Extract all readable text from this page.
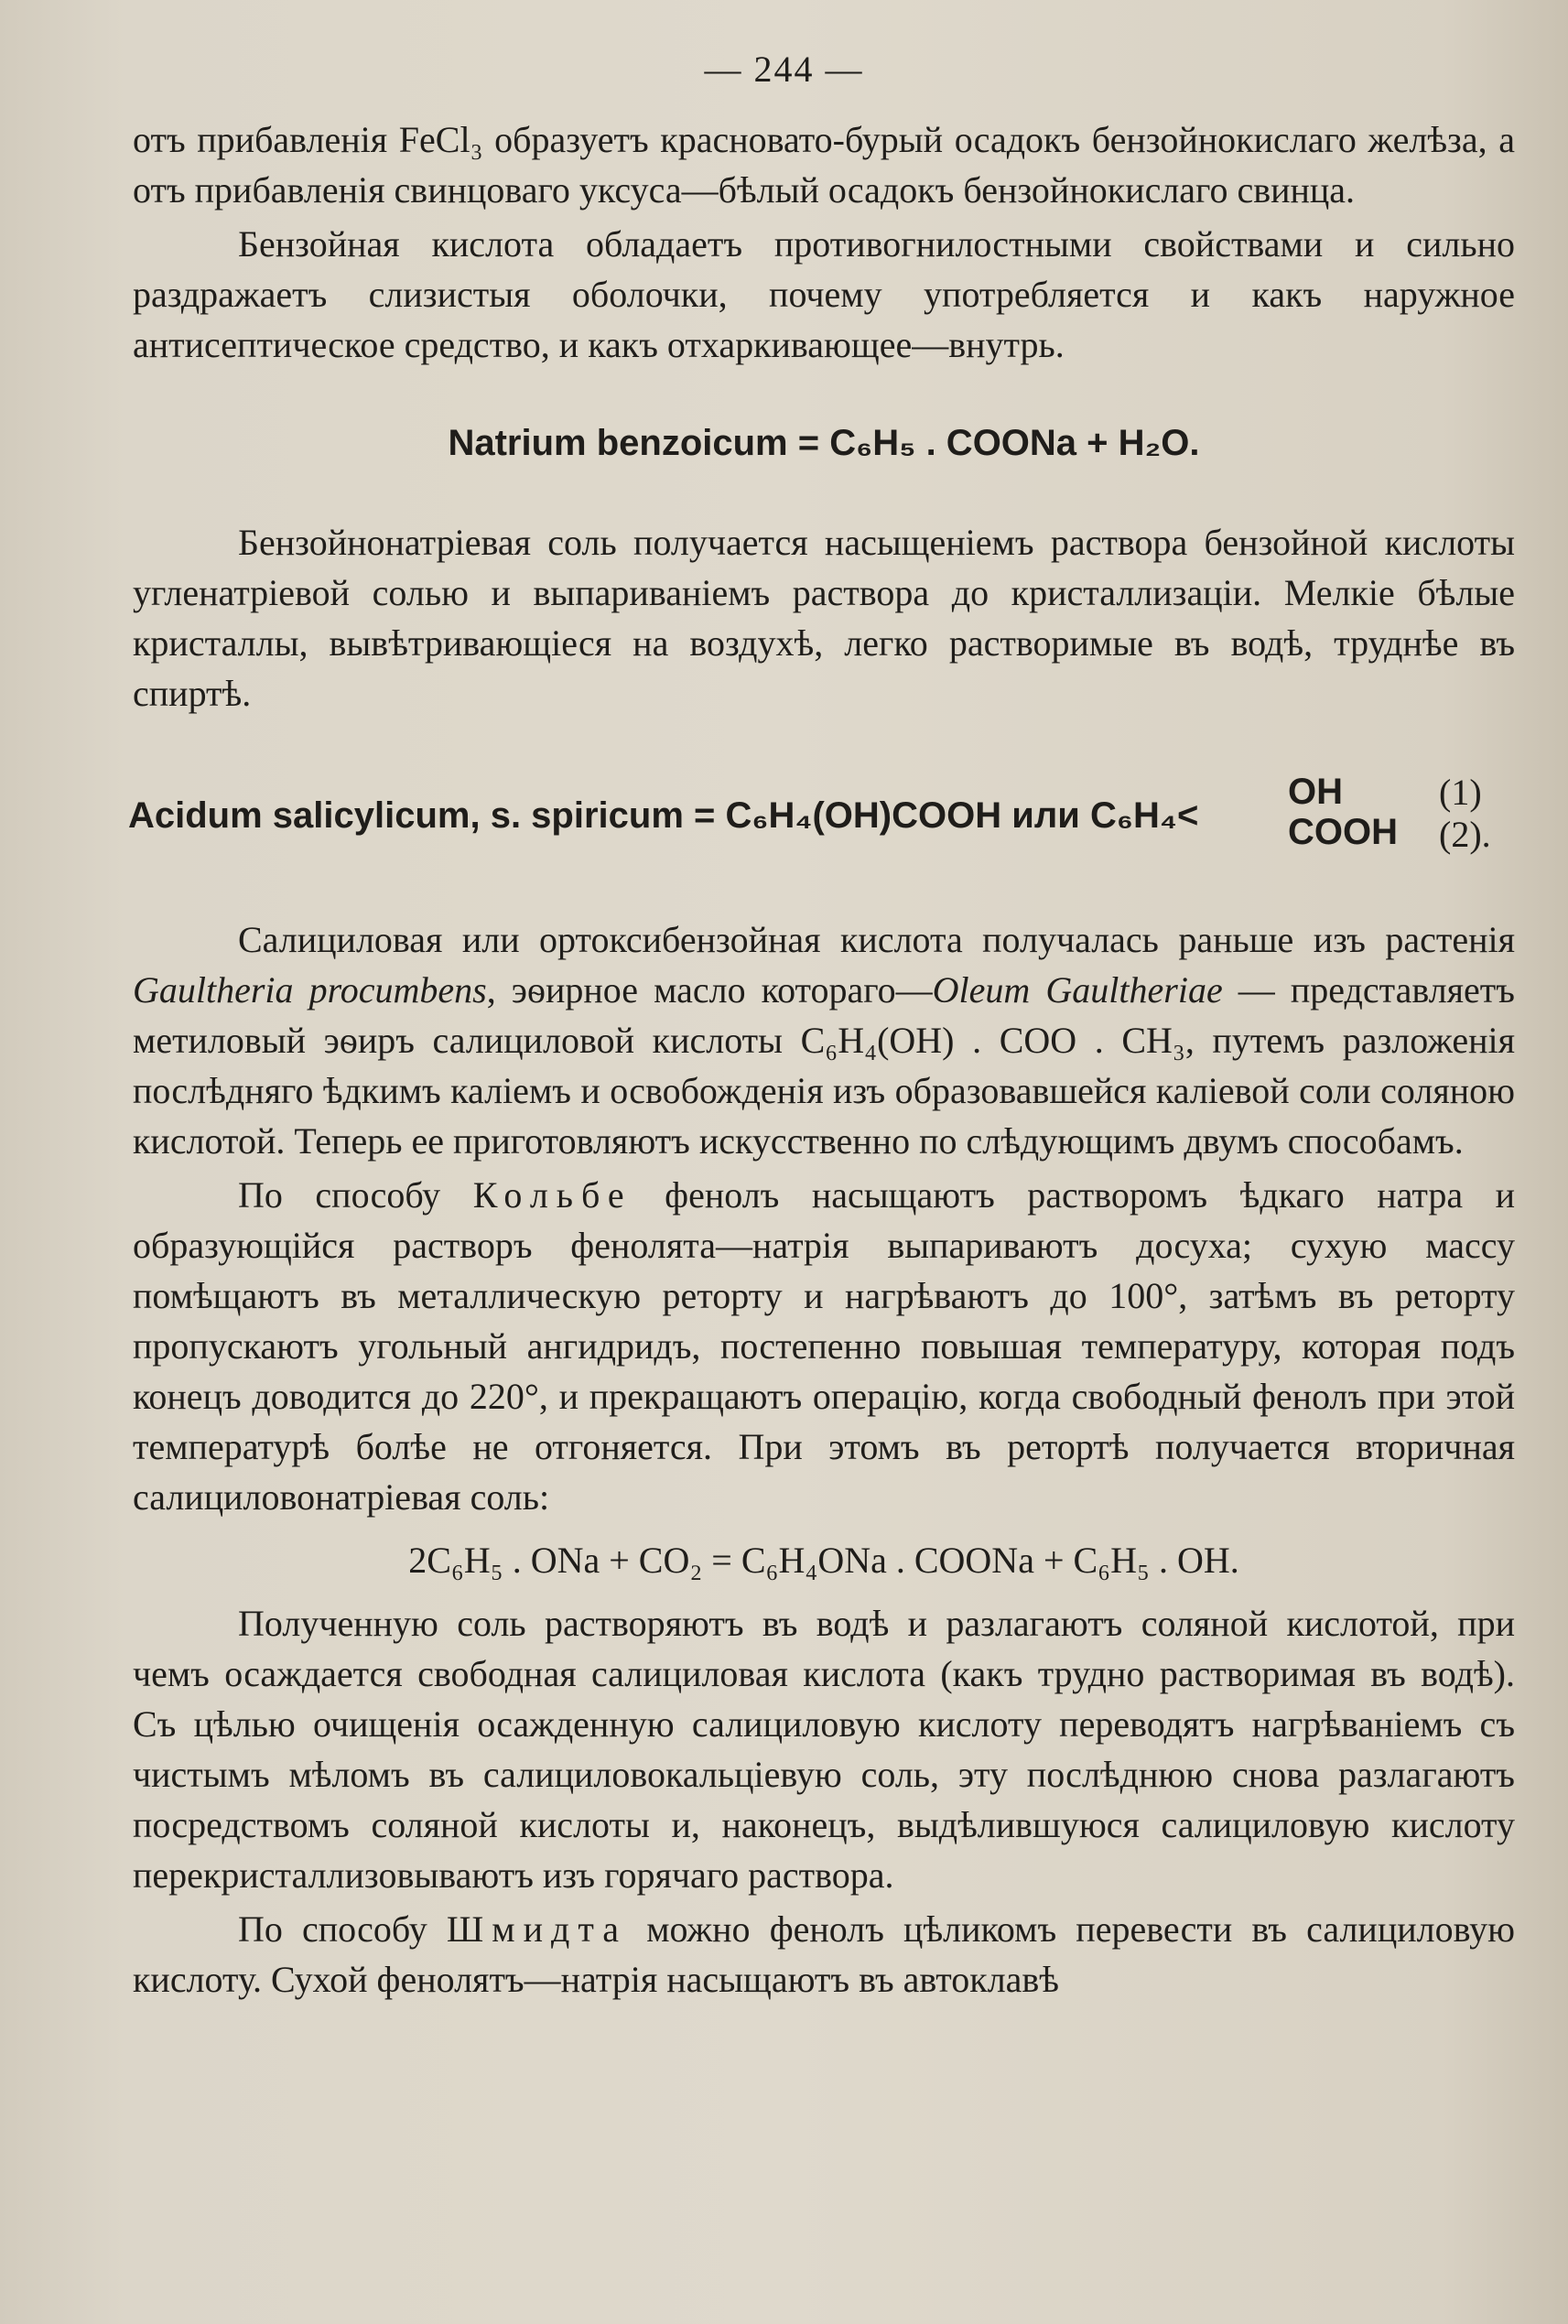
— 244 —

отъ прибавленія FeCl₃ образуетъ красновато-бурый осадокъ бензойнокислаго желѣза, а отъ прибавленія свинцоваго уксуса—бѣлый осадокъ бензойнокислаго свинца.

Бензойная кислота обладаетъ противогнилостными свойствами и сильно раздражаетъ слизистыя оболочки, почему употребляется и какъ наружное антисептическое средство, и какъ отхаркивающее—внутрь.

Natrium benzoicum = C₆H₅ . COONa + H₂O.

Бензойнонатріевая соль получается насыщеніемъ раствора бензойной кислоты угленатріевой солью и выпариваніемъ раствора до кристаллизаціи. Мелкіе бѣлые кристаллы, вывѣтривающіеся на воздухѣ, легко растворимые въ водѣ, труднѣе въ спиртѣ.

Acidum salicylicum, s. spiricum = C₆H₄(OH)COOH или C₆H₄<
OH
COOH
(1)
(2).

Салициловая или ортоксибензойная кислота получалась раньше изъ растенія Gaultheria procumbens, эѳирное масло котораго—Oleum Gaultheriae — представляетъ метиловый эѳиръ салициловой кислоты C₆H₄(OH) . COO . CH₃, путемъ разложенія послѣдняго ѣдкимъ каліемъ и освобожденія изъ образовавшейся каліевой соли соляною кислотой. Теперь ее приготовляютъ искусственно по слѣдующимъ двумъ способамъ.

По способу Кольбе фенолъ насыщаютъ растворомъ ѣдкаго натра и образующійся растворъ фенолята—натрія выпариваютъ досуха; сухую массу помѣщаютъ въ металлическую реторту и нагрѣваютъ до 100°, затѣмъ въ реторту пропускаютъ угольный ангидридъ, постепенно повышая температуру, которая подъ конецъ доводится до 220°, и прекращаютъ операцію, когда свободный фенолъ при этой температурѣ болѣе не отгоняется. При этомъ въ ретортѣ получается вторичная салициловонатріевая соль:

2C₆H₅ . ONa + CO₂ = C₆H₄ONa . COONa + C₆H₅ . OH.

Полученную соль растворяютъ въ водѣ и разлагаютъ соляной кислотой, при чемъ осаждается свободная салициловая кислота (какъ трудно растворимая въ водѣ). Съ цѣлью очищенія осажденную салициловую кислоту переводятъ нагрѣваніемъ съ чистымъ мѣломъ въ салициловокальціевую соль, эту послѣднюю снова разлагаютъ посредствомъ соляной кислоты и, наконецъ, выдѣлившуюся салициловую кислоту перекристаллизовываютъ изъ горячаго раствора.

По способу Шмидта можно фенолъ цѣликомъ перевести въ салициловую кислоту. Сухой фенолятъ—натрія насыщаютъ въ автоклавѣ
